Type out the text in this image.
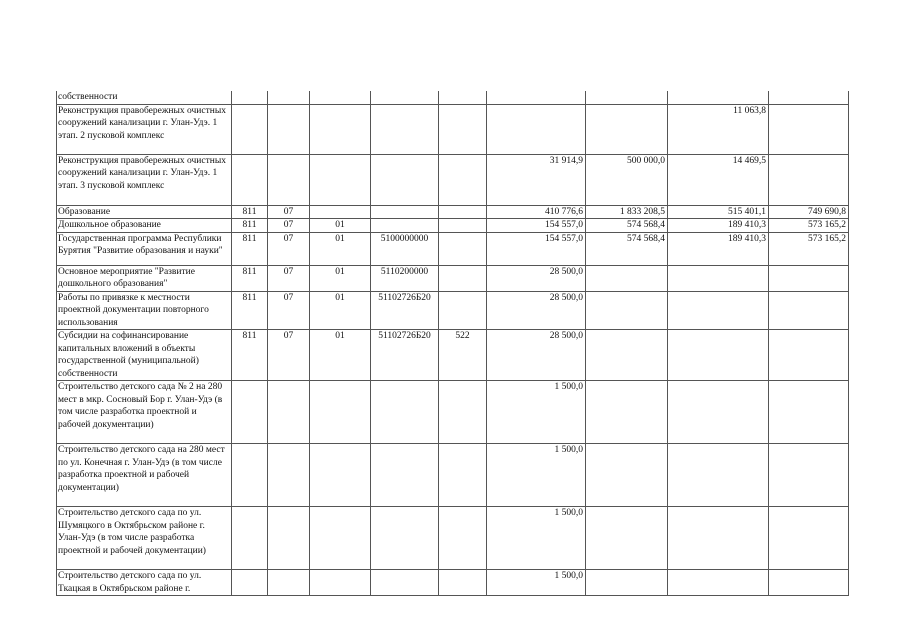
собственности									
Реконструкция правобережных очистных сооружений канализации г. Улан-Удэ. 1 этап. 2 пусковой комплекс								11 063,8	
Реконструкция правобережных очистных сооружений канализации г. Улан-Удэ. 1 этап. 3 пусковой комплекс						31 914,9	500 000,0	14 469,5	
Образование	811	07				410 776,6	1 833 208,5	515 401,1	749 690,8
Дошкольное образование	811	07	01			154 557,0	574 568,4	189 410,3	573 165,2
Государственная программа Республики Бурятия "Развитие образования и науки"	811	07	01	5100000000		154 557,0	574 568,4	189 410,3	573 165,2
Основное мероприятие "Развитие дошкольного образования"	811	07	01	5110200000		28 500,0			
Работы по привязке к местности проектной документации повторного использования	811	07	01	51102726Б20		28 500,0			
Субсидии на софинансирование капитальных вложений в объекты государственной (муниципальной) собственности	811	07	01	51102726Б20	522	28 500,0			
Строительство детского сада № 2 на 280 мест в мкр. Сосновый Бор г. Улан-Удэ (в том числе разработка проектной и рабочей документации)						1 500,0			
Строительство детского сада на 280 мест по ул. Конечная г. Улан-Удэ (в том числе разработка проектной и рабочей документации)						1 500,0			
Строительство детского сада по ул. Шумяцкого в Октябрьском районе г. Улан-Удэ (в том числе разработка проектной и рабочей документации)						1 500,0			
Строительство детского сада по ул. Ткацкая в Октябрьском районе г.						1 500,0			
